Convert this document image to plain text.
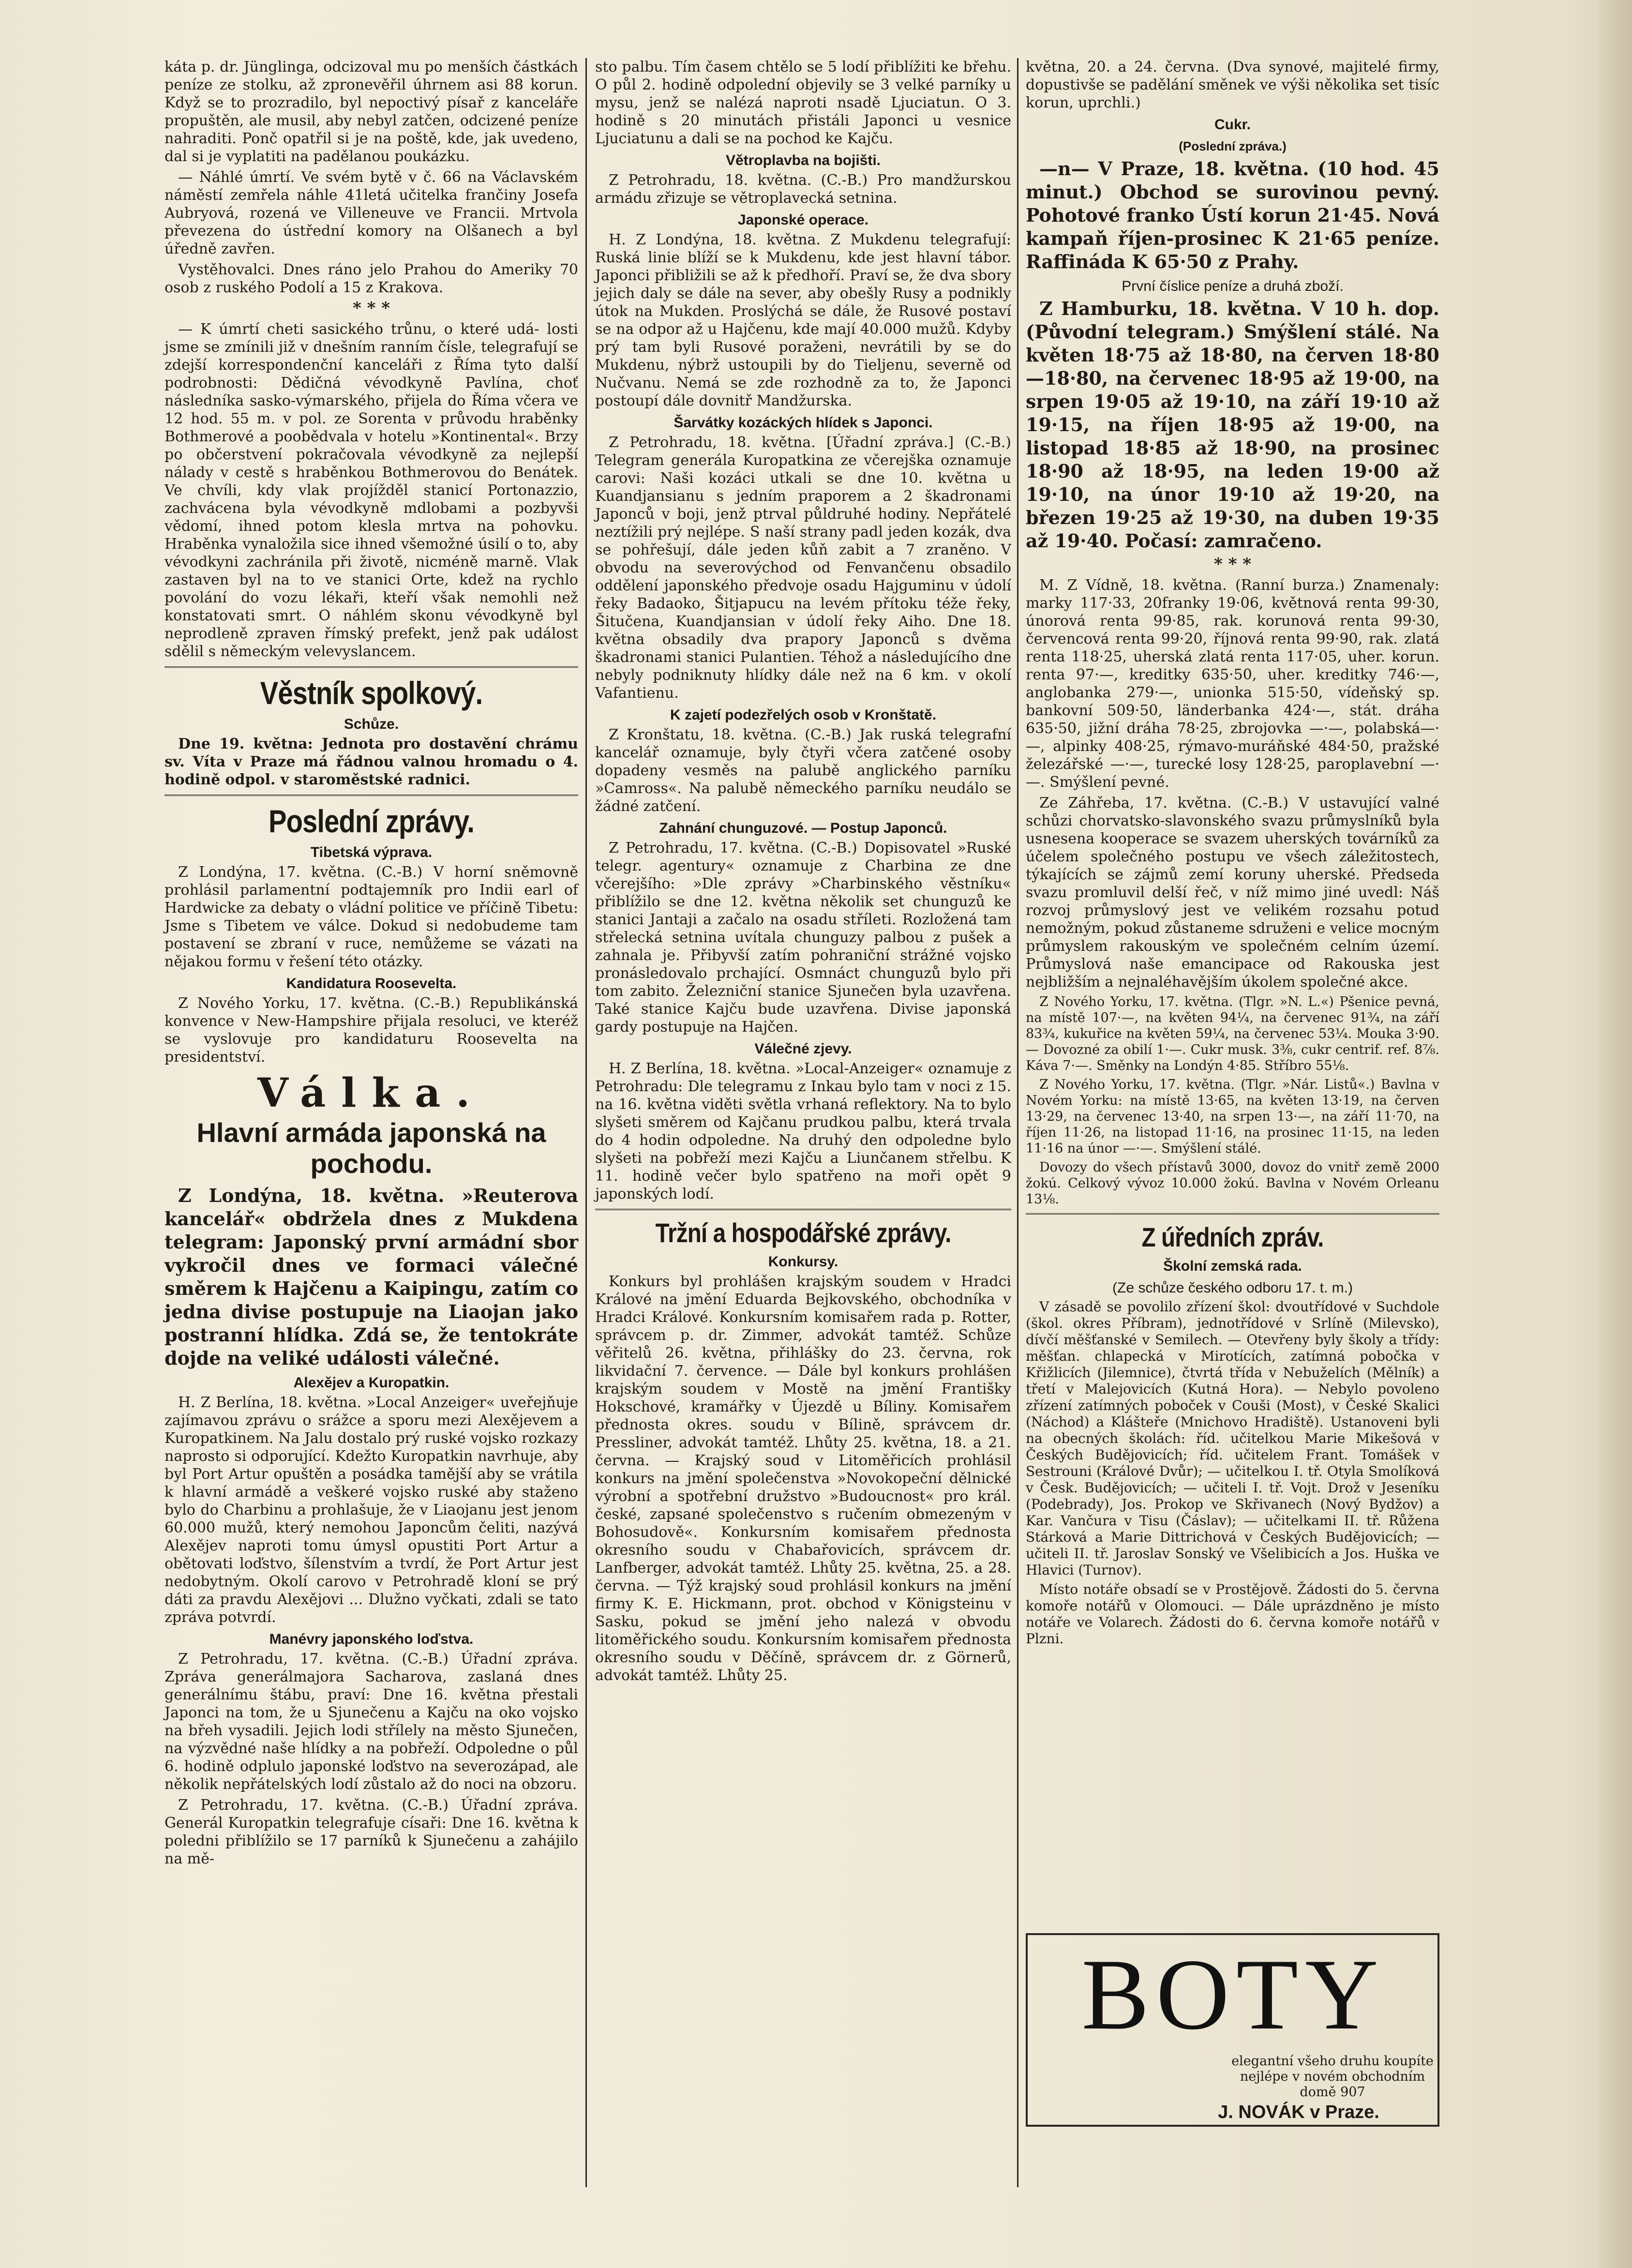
káta p. dr. Jünglinga, odcizoval mu po menších částkách peníze ze stolku, až zpronevěřil úhrnem asi 88 korun. Když se to prozradilo, byl nepoctivý písař z kanceláře propuštěn, ale musil, aby nebyl zatčen, odcizené peníze nahraditi. Ponč opatřil si je na poště, kde, jak uvedeno, dal si je vyplatiti na padělanou poukázku.

— Náhlé úmrtí. Ve svém bytě v č. 66 na Václavském náměstí zemřela náhle 41letá učitelka frančiny Josefa Aubryová, rozená ve Villeneuve ve Francii. Mrtvola převezena do ústřední komory na Olšanech a byl úředně zavřen.

Vystěhovalci. Dnes ráno jelo Prahou do Ameriky 70 osob z ruského Podolí a 15 z Krakova.

* * *

— K úmrtí cheti sasického trůnu, o které udá- losti jsme se zmínili již v dnešním ranním čísle, telegrafují se zdejší korrespondenční kanceláři z Říma tyto další podrobnosti: Dědičná vévodkyně Pavlína, choť následníka sasko-výmarského, přijela do Říma včera ve 12 hod. 55 m. v pol. ze Sorenta v průvodu hraběnky Bothmerové a poobědvala v hotelu »Kontinental«. Brzy po občerstvení pokračovala vévodkyně za nejlepší nálady v cestě s hraběnkou Bothmerovou do Benátek. Ve chvíli, kdy vlak projížděl stanicí Portonazzio, zachvácena byla vévodkyně mdlobami a pozbyvši vědomí, ihned potom klesla mrtva na pohovku. Hraběnka vynaložila sice ihned všemožné úsilí o to, aby vévodkyni zachránila při životě, nicméně marně. Vlak zastaven byl na to ve stanici Orte, kdež na rychlo povolání do vozu lékaři, kteří však nemohli než konstatovati smrt. O náhlém skonu vévodkyně byl neprodleně zpraven římský prefekt, jenž pak událost sdělil s německým velevyslancem.

Věstník spolkový.
Schůze.

Dne 19. května: Jednota pro dostavění chrámu sv. Víta v Praze má řádnou valnou hromadu o 4. hodině odpol. v staroměstské radnici.

Poslední zprávy.
Tibetská výprava.

Z Londýna, 17. května. (C.-B.) V horní sněmovně prohlásil parlamentní podtajemník pro Indii earl of Hardwicke za debaty o vládní politice ve příčině Tibetu: Jsme s Tibetem ve válce. Dokud si nedobudeme tam postavení se zbraní v ruce, nemůžeme se vázati na nějakou formu v řešení této otázky.

Kandidatura Roosevelta.

Z Nového Yorku, 17. května. (C.-B.) Republikánská konvence v New-Hampshire přijala resoluci, ve kteréž se vyslovuje pro kandidaturu Roosevelta na presidentství.

Válka.
Hlavní armáda japonská na pochodu.

Z Londýna, 18. května. »Reuterova kancelář« obdržela dnes z Mukdena telegram: Japonský první armádní sbor vykročil dnes ve formaci válečné směrem k Hajčenu a Kaipingu, zatím co jedna divise postupuje na Liaojan jako postranní hlídka. Zdá se, že tentokráte dojde na veliké události válečné.

Alexějev a Kuropatkin.

H. Z Berlína, 18. května. »Local Anzeiger« uveřejňuje zajímavou zprávu o srážce a sporu mezi Alexějevem a Kuropatkinem. Na Jalu dostalo prý ruské vojsko rozkazy naprosto si odporující. Kdežto Kuropatkin navrhuje, aby byl Port Artur opuštěn a posádka tamější aby se vrátila k hlavní armádě a veškeré vojsko ruské aby staženo bylo do Charbinu a prohlašuje, že v Liaojanu jest jenom 60.000 mužů, který nemohou Japoncům čeliti, nazývá Alexějev naproti tomu úmysl opustiti Port Artur a obětovati loďstvo, šílenstvím a tvrdí, že Port Artur jest nedobytným. Okolí carovo v Petrohradě kloní se prý dáti za pravdu Alexějovi ... Dlužno vyčkati, zdali se tato zpráva potvrdí.

Manévry japonského loďstva.

Z Petrohradu, 17. května. (C.-B.) Úřadní zpráva. Zpráva generálmajora Sacharova, zaslaná dnes generálnímu štábu, praví: Dne 16. května přestali Japonci na tom, že u Sjunečenu a Kajču na oko vojsko na břeh vysadili. Jejich lodi střílely na město Sjunečen, na výzvědné naše hlídky a na pobřeží. Odpoledne o půl 6. hodině odplulo japonské loďstvo na severozápad, ale několik nepřátelských lodí zůstalo až do noci na obzoru.

Z Petrohradu, 17. května. (C.-B.) Úřadní zpráva. Generál Kuropatkin telegrafuje císaři: Dne 16. května k poledni přiblížilo se 17 parníků k Sjunečenu a zahájilo na mě-

sto palbu. Tím časem chtělo se 5 lodí přiblížiti ke břehu. O půl 2. hodině odpolední objevily se 3 velké parníky u mysu, jenž se nalézá naproti nsadě Ljuciatun. O 3. hodině s 20 minutách přistáli Japonci u vesnice Ljuciatunu a dali se na pochod ke Kajču.

Větroplavba na bojišti.

Z Petrohradu, 18. května. (C.-B.) Pro mandžurskou armádu zřizuje se větroplavecká setnina.

Japonské operace.

H. Z Londýna, 18. května. Z Mukdenu telegrafují: Ruská linie blíží se k Mukdenu, kde jest hlavní tábor. Japonci přibližili se až k předhoří. Praví se, že dva sbory jejich daly se dále na sever, aby obešly Rusy a podnikly útok na Mukden. Proslýchá se dále, že Rusové postaví se na odpor až u Hajčenu, kde mají 40.000 mužů. Kdyby prý tam byli Rusové poraženi, nevrátili by se do Mukdenu, nýbrž ustoupili by do Tieljenu, severně od Nučvanu. Nemá se zde rozhodně za to, že Japonci postoupí dále dovnitř Mandžurska.

Šarvátky kozáckých hlídek s Japonci.

Z Petrohradu, 18. května. [Úřadní zpráva.] (C.-B.) Telegram generála Kuropatkina ze včerejška oznamuje carovi: Naši kozáci utkali se dne 10. května u Kuandjansianu s jedním praporem a 2 škadronami Japonců v boji, jenž ptrval půldruhé hodiny. Nepřátelé neztížili prý nejlépe. S naší strany padl jeden kozák, dva se pohřešují, dále jeden kůň zabit a 7 zraněno. V obvodu na severovýchod od Fenvančenu obsadilo oddělení japonského předvoje osadu Hajguminu v údolí řeky Badaoko, Šitjapucu na levém přítoku téže řeky, Šitučena, Kuandjansian v údolí řeky Aiho. Dne 18. května obsadily dva prapory Japonců s dvěma škadronami stanici Pulantien. Téhož a následujícího dne nebyly podniknuty hlídky dále než na 6 km. v okolí Vafantienu.

K zajetí podezřelých osob v Kronštatě.

Z Kronštatu, 18. května. (C.-B.) Jak ruská telegrafní kancelář oznamuje, byly čtyři včera zatčené osoby dopadeny vesměs na palubě anglického parníku »Camross«. Na palubě německého parníku neudálo se žádné zatčení.

Zahnání chunguzové. — Postup Japonců.

Z Petrohradu, 17. května. (C.-B.) Dopisovatel »Ruské telegr. agentury« oznamuje z Charbina ze dne včerejšího: »Dle zprávy »Charbinského věstníku« přiblížilo se dne 12. května několik set chunguzů ke stanici Jantaji a začalo na osadu stříleti. Rozložená tam střelecká setnina uvítala chunguzy palbou z pušek a zahnala je. Přibyvší zatím pohraniční strážné vojsko pronásledovalo prchající. Osmnáct chunguzů bylo při tom zabito. Železniční stanice Sjunečen byla uzavřena. Také stanice Kajču bude uzavřena. Divise japonská gardy postupuje na Hajčen.

Válečné zjevy.

H. Z Berlína, 18. května. »Local-Anzeiger« oznamuje z Petrohradu: Dle telegramu z Inkau bylo tam v noci z 15. na 16. května viděti světla vrhaná reflektory. Na to bylo slyšeti směrem od Kajčanu prudkou palbu, která trvala do 4 hodin odpoledne. Na druhý den odpoledne bylo slyšeti na pobřeží mezi Kajču a Liunčanem střelbu. K 11. hodině večer bylo spatřeno na moři opět 9 japonských lodí.

Tržní a hospodářské zprávy.
Konkursy.

Konkurs byl prohlášen krajským soudem v Hradci Králové na jmění Eduarda Bejkovského, obchodníka v Hradci Králové. Konkursním komisařem rada p. Rotter, správcem p. dr. Zimmer, advokát tamtéž. Schůze věřitelů 26. května, přihlášky do 23. června, rok likvidační 7. července. — Dále byl konkurs prohlášen krajským soudem v Mostě na jmění Františky Hokschové, kramářky v Újezdě u Bíliny. Komisařem přednosta okres. soudu v Bílině, správcem dr. Pressliner, advokát tamtéž. Lhůty 25. května, 18. a 21. června. — Krajský soud v Litoměřicích prohlásil konkurs na jmění společenstva »Novokopeční dělnické výrobní a spotřební družstvo »Budoucnost« pro král. české, zapsané společenstvo s ručením obmezeným v Bohosudově«. Konkursním komisařem přednosta okresního soudu v Chabařovicích, správcem dr. Lanfberger, advokát tamtéž. Lhůty 25. května, 25. a 28. června. — Týž krajský soud prohlásil konkurs na jmění firmy K. E. Hickmann, prot. obchod v Königsteinu v Sasku, pokud se jmění jeho nalezá v obvodu litoměřického soudu. Konkursním komisařem přednosta okresního soudu v Děčíně, správcem dr. z Görnerů, advokát tamtéž. Lhůty 25.

května, 20. a 24. června. (Dva synové, majitelé firmy, dopustivše se padělání směnek ve výši několika set tisíc korun, uprchli.)

Cukr.
(Poslední zpráva.)

—n— V Praze, 18. května. (10 hod. 45 minut.) Obchod se surovinou pevný. Pohotové franko Ústí korun 21·45. Nová kampaň říjen-prosinec K 21·65 peníze. Raffináda K 65·50 z Prahy.

První číslice peníze a druhá zboží.

Z Hamburku, 18. května. V 10 h. dop. (Původní telegram.) Smýšlení stálé. Na květen 18·75 až 18·80, na červen 18·80—18·80, na červenec 18·95 až 19·00, na srpen 19·05 až 19·10, na září 19·10 až 19·15, na říjen 18·95 až 19·00, na listopad 18·85 až 18·90, na prosinec 18·90 až 18·95, na leden 19·00 až 19·10, na únor 19·10 až 19·20, na březen 19·25 až 19·30, na duben 19·35 až 19·40. Počasí: zamračeno.

* * *

M. Z Vídně, 18. května. (Ranní burza.) Znamenaly: marky 117·33, 20franky 19·06, květnová renta 99·30, únorová renta 99·85, rak. korunová renta 99·30, červencová renta 99·20, říjnová renta 99·90, rak. zlatá renta 118·25, uherská zlatá renta 117·05, uher. korun. renta 97·—, kreditky 635·50, uher. kreditky 746·—, anglobanka 279·—, unionka 515·50, vídeňský sp. bankovní 509·50, länderbanka 424·—, stát. dráha 635·50, jižní dráha 78·25, zbrojovka —·—, polabská—·—, alpinky 408·25, rýmavo-muráňské 484·50, pražské železářské —·—, turecké losy 128·25, paroplavební —·—. Smýšlení pevné.

Ze Záhřeba, 17. května. (C.-B.) V ustavující valné schůzi chorvatsko-slavonského svazu průmyslníků byla usnesena kooperace se svazem uherských továrníků za účelem společného postupu ve všech záležitostech, týkajících se zájmů zemí koruny uherské. Předseda svazu promluvil delší řeč, v níž mimo jiné uvedl: Náš rozvoj průmyslový jest ve velikém rozsahu potud nemožným, pokud zůstaneme sdruženi e velice mocným průmyslem rakouským ve společném celním území. Průmyslová naše emancipace od Rakouska jest nejbližším a nejnaléhavějším úkolem společné akce.

Z Nového Yorku, 17. května. (Tlgr. »N. L.«) Pšenice pevná, na místě 107·—, na květen 94¼, na červenec 91¾, na září 83¾, kukuřice na květen 59¼, na červenec 53¼. Mouka 3·90. — Dovozné za obilí 1·—. Cukr musk. 3⅜, cukr centrif. ref. 8⅞. Káva 7·—. Směnky na Londýn 4·85. Stříbro 55⅛.

Z Nového Yorku, 17. května. (Tlgr. »Nár. Listů«.) Bavlna v Novém Yorku: na místě 13·65, na květen 13·19, na červen 13·29, na červenec 13·40, na srpen 13·—, na září 11·70, na říjen 11·26, na listopad 11·16, na prosinec 11·15, na leden 11·16 na únor —·—. Smýšlení stálé.

Dovozy do všech přístavů 3000, dovoz do vnitř země 2000 žokú. Celkový vývoz 10.000 žokú. Bavlna v Novém Orleanu 13⅛.

Z úředních zpráv.
Školní zemská rada.
(Ze schůze českého odboru 17. t. m.)

V zásadě se povolilo zřízení škol: dvoutřídové v Suchdole (škol. okres Příbram), jednotřídové v Srlíně (Milevsko), dívčí měšťanské v Semilech. — Otevřeny byly školy a třídy: měšťan. chlapecká v Mirotících, zatímná pobočka v Křižlicích (Jilemnice), čtvrtá třída v Nebuželích (Mělník) a třetí v Malejovicích (Kutná Hora). — Nebylo povoleno zřízení zatímných poboček v Couši (Most), v České Skalici (Náchod) a Klášteře (Mnichovo Hradiště). Ustanoveni byli na obecných školách: říd. učitelkou Marie Mikešová v Českých Budějovicích; říd. učitelem Frant. Tomášek v Sestrouni (Králové Dvůr); — učitelkou I. tř. Otyla Smolíková v Česk. Budějovicích; — učiteli I. tř. Vojt. Drož v Jeseníku (Podebrady), Jos. Prokop ve Skřivanech (Nový Bydžov) a Kar. Vančura v Tisu (Čáslav); — učitelkami II. tř. Růžena Stárková a Marie Dittrichová v Českých Budějovicích; — učiteli II. tř. Jaroslav Sonský ve Všelibicích a Jos. Huška ve Hlavici (Turnov).

Místo notáře obsadí se v Prostějově. Žádosti do 5. června komoře notářů v Olomouci. — Dále uprázdněno je místo notáře ve Volarech. Žádosti do 6. června komoře notářů v Plzni.

BOTY
elegantní všeho druhu koupíte nejlépe v novém obchodním domě 907
J. NOVÁK v Praze.
